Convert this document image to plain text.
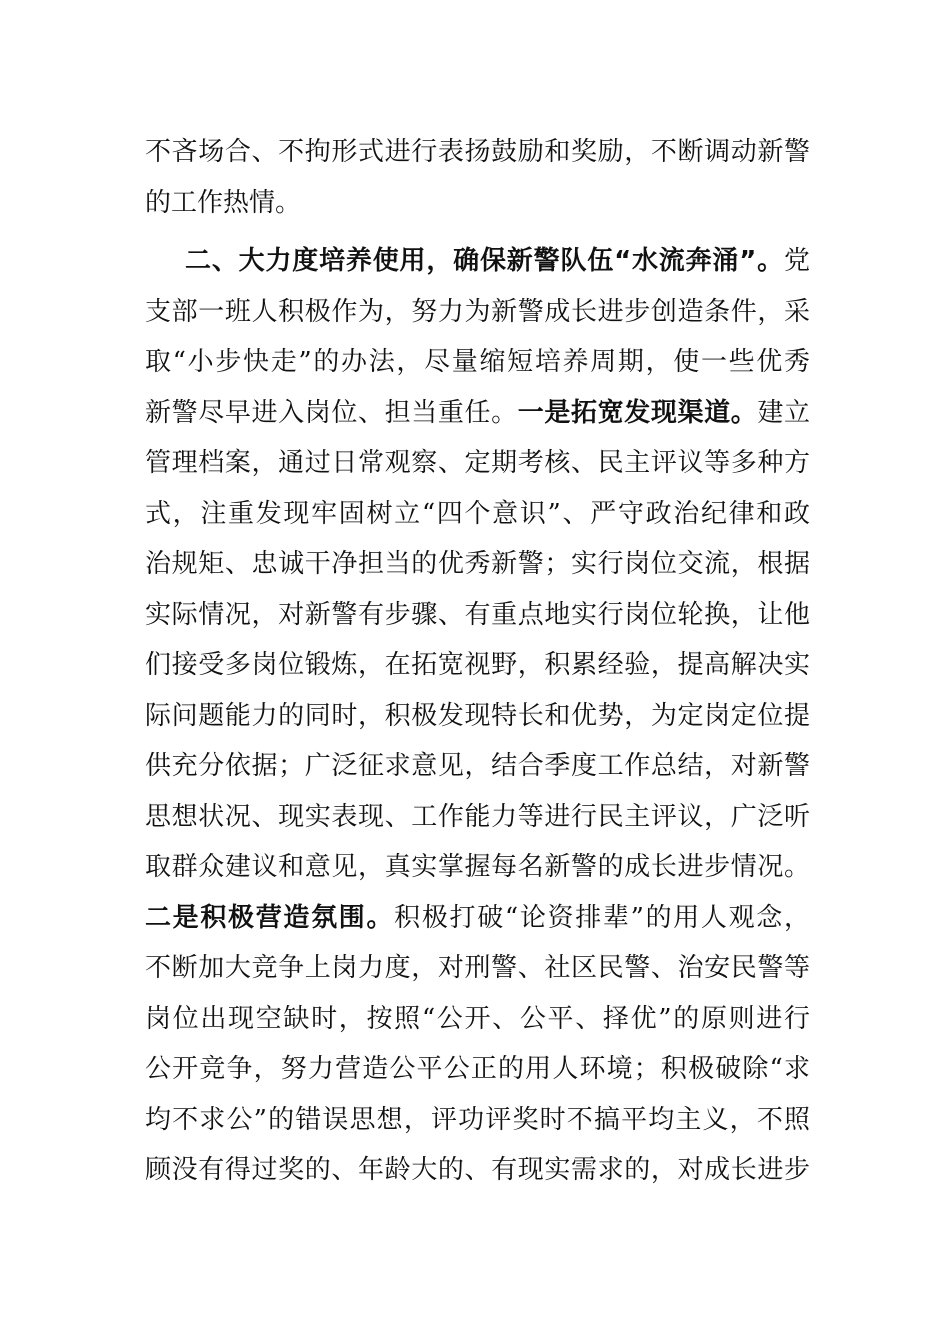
不吝场合、不拘形式进行表扬鼓励和奖励，不断调动新警
的工作热情。
二、大力度培养使用，确保新警队伍“水流奔涌”。党
支部一班人积极作为，努力为新警成长进步创造条件，采
取“小步快走”的办法，尽量缩短培养周期，使一些优秀
新警尽早进入岗位、担当重任。一是拓宽发现渠道。建立
管理档案，通过日常观察、定期考核、民主评议等多种方
式，注重发现牢固树立“四个意识”、严守政治纪律和政
治规矩、忠诚干净担当的优秀新警；实行岗位交流，根据
实际情况，对新警有步骤、有重点地实行岗位轮换，让他
们接受多岗位锻炼，在拓宽视野，积累经验，提高解决实
际问题能力的同时，积极发现特长和优势，为定岗定位提
供充分依据；广泛征求意见，结合季度工作总结，对新警
思想状况、现实表现、工作能力等进行民主评议，广泛听
取群众建议和意见，真实掌握每名新警的成长进步情况。
二是积极营造氛围。积极打破“论资排辈”的用人观念，
不断加大竞争上岗力度，对刑警、社区民警、治安民警等
岗位出现空缺时，按照“公开、公平、择优”的原则进行
公开竞争，努力营造公平公正的用人环境；积极破除“求
均不求公”的错误思想，评功评奖时不搞平均主义，不照
顾没有得过奖的、年龄大的、有现实需求的，对成长进步
